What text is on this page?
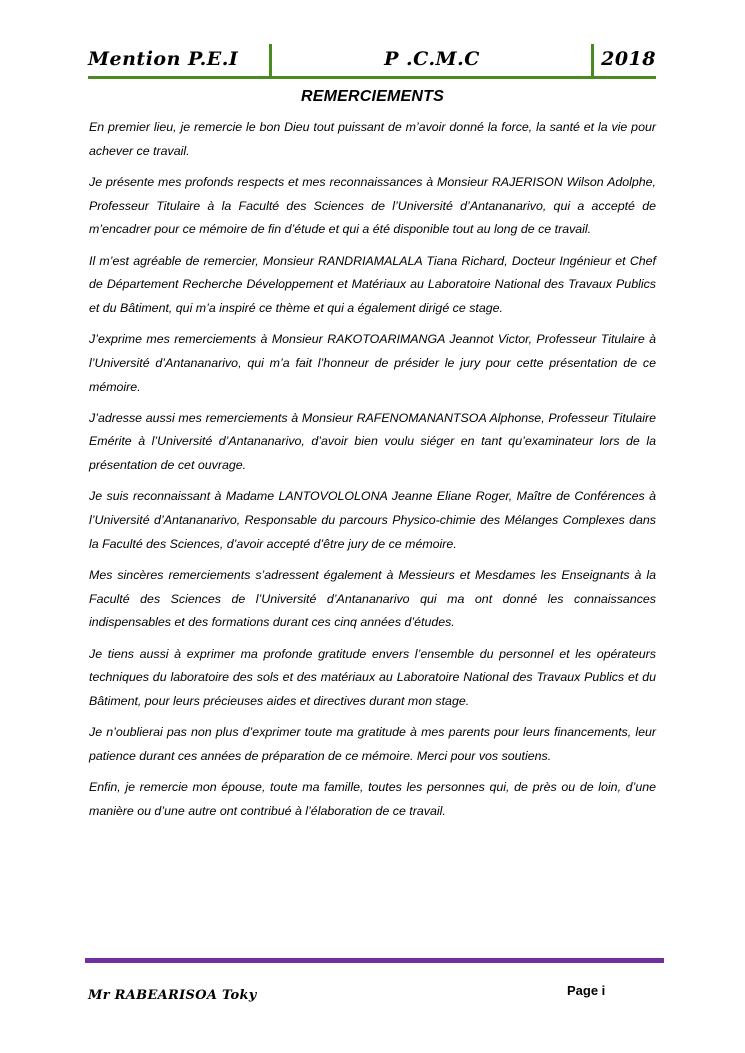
Mention P.E.I	P .C.M.C	2018
REMERCIEMENTS

En premier lieu, je remercie le bon Dieu tout puissant de m’avoir donné la force, la santé et la vie pour achever ce travail.

Je présente mes profonds respects et mes reconnaissances à Monsieur RAJERISON Wilson Adolphe, Professeur Titulaire à la Faculté des Sciences de l’Université d’Antananarivo, qui a accepté de m’encadrer pour ce mémoire de fin d’étude et qui a été disponible tout au long de ce travail.

Il m’est agréable de remercier, Monsieur RANDRIAMALALA Tiana Richard, Docteur Ingénieur et Chef de Département Recherche Développement et Matériaux au Laboratoire National des Travaux Publics et du Bâtiment, qui m’a inspiré ce thème et qui a également dirigé ce stage.

J’exprime mes remerciements à Monsieur RAKOTOARIMANGA Jeannot Victor, Professeur Titulaire à l’Université d’Antananarivo, qui m’a fait l’honneur de présider le jury pour cette présentation de ce mémoire.

J’adresse aussi mes remerciements à Monsieur RAFENOMANANTSOA Alphonse, Professeur Titulaire Emérite à l’Université d’Antananarivo, d’avoir bien voulu siéger en tant qu’examinateur lors de la présentation de cet ouvrage.

Je suis reconnaissant à Madame LANTOVOLOLONA Jeanne Eliane Roger, Maître de Conférences à l’Université d’Antananarivo, Responsable du parcours Physico-chimie des Mélanges Complexes dans la Faculté des Sciences, d’avoir accepté d’être jury de ce mémoire.

Mes sincères remerciements s’adressent également à Messieurs et Mesdames les Enseignants à la Faculté des Sciences de l’Université d’Antananarivo qui ma ont donné les connaissances indispensables et des formations durant ces cinq années d’études.

Je tiens aussi à exprimer ma profonde gratitude envers l’ensemble du personnel et les opérateurs techniques du laboratoire des sols et des matériaux au Laboratoire National des Travaux Publics et du Bâtiment, pour leurs précieuses aides et directives durant mon stage.

Je n’oublierai pas non plus d’exprimer toute ma gratitude à mes parents pour leurs financements, leur patience durant ces années de préparation de ce mémoire. Merci pour vos soutiens.

Enfin, je remercie mon épouse, toute ma famille, toutes les personnes qui, de près ou de loin, d’une manière ou d’une autre ont contribué à l’élaboration de ce travail.

Page i
Mr RABEARISOA Toky
